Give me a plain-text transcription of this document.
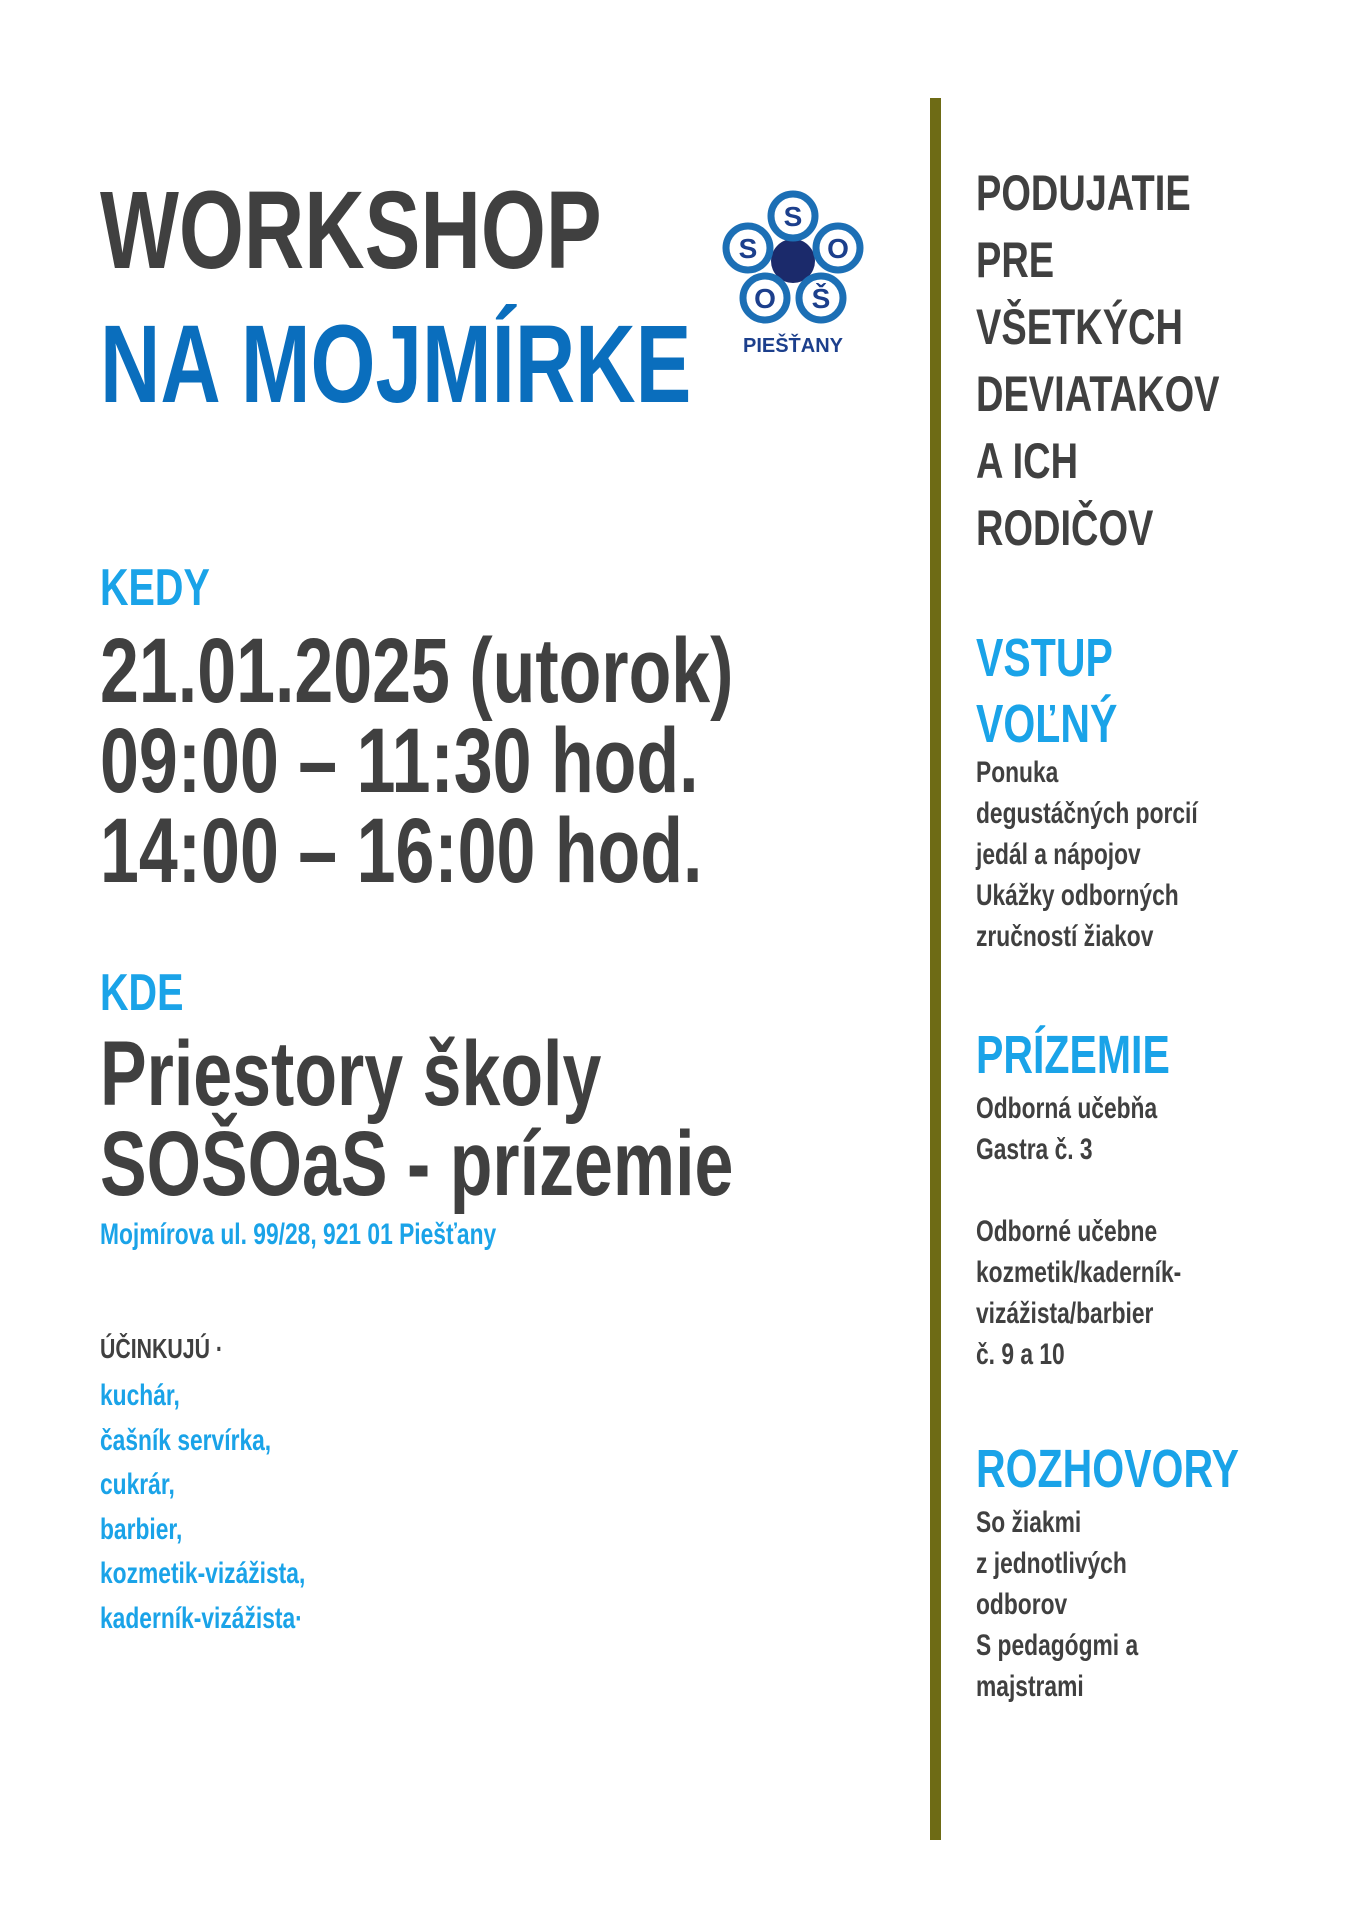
WORKSHOP
NA MOJMÍRKE
KEDY
21.01.2025 (utorok)
09:00 – 11:30 hod.
14:00 – 16:00 hod.
KDE
Priestory školy
SOŠOaS - prízemie
Mojmírova ul. 99/28, 921 01 Piešťany
ÚČINKUJÚ ·
kuchár,
čašník servírka,
cukrár,
barbier,
kozmetik-vizážista,
kaderník-vizážista·
S
S O
O Š
PIEŠŤANY
PODUJATIE
PRE
VŠETKÝCH
DEVIATAKOV
A ICH
RODIČOV
VSTUP
VOĽNÝ
Ponuka
degustáčných porcií
jedál a nápojov
Ukážky odborných
zručností žiakov
PRÍZEMIE
Odborná učebňa
Gastra č. 3
Odborné učebne
kozmetik/kaderník-
vizážista/barbier
č. 9 a 10
ROZHOVORY
So žiakmi
z jednotlivých
odborov
S pedagógmi a
majstrami
